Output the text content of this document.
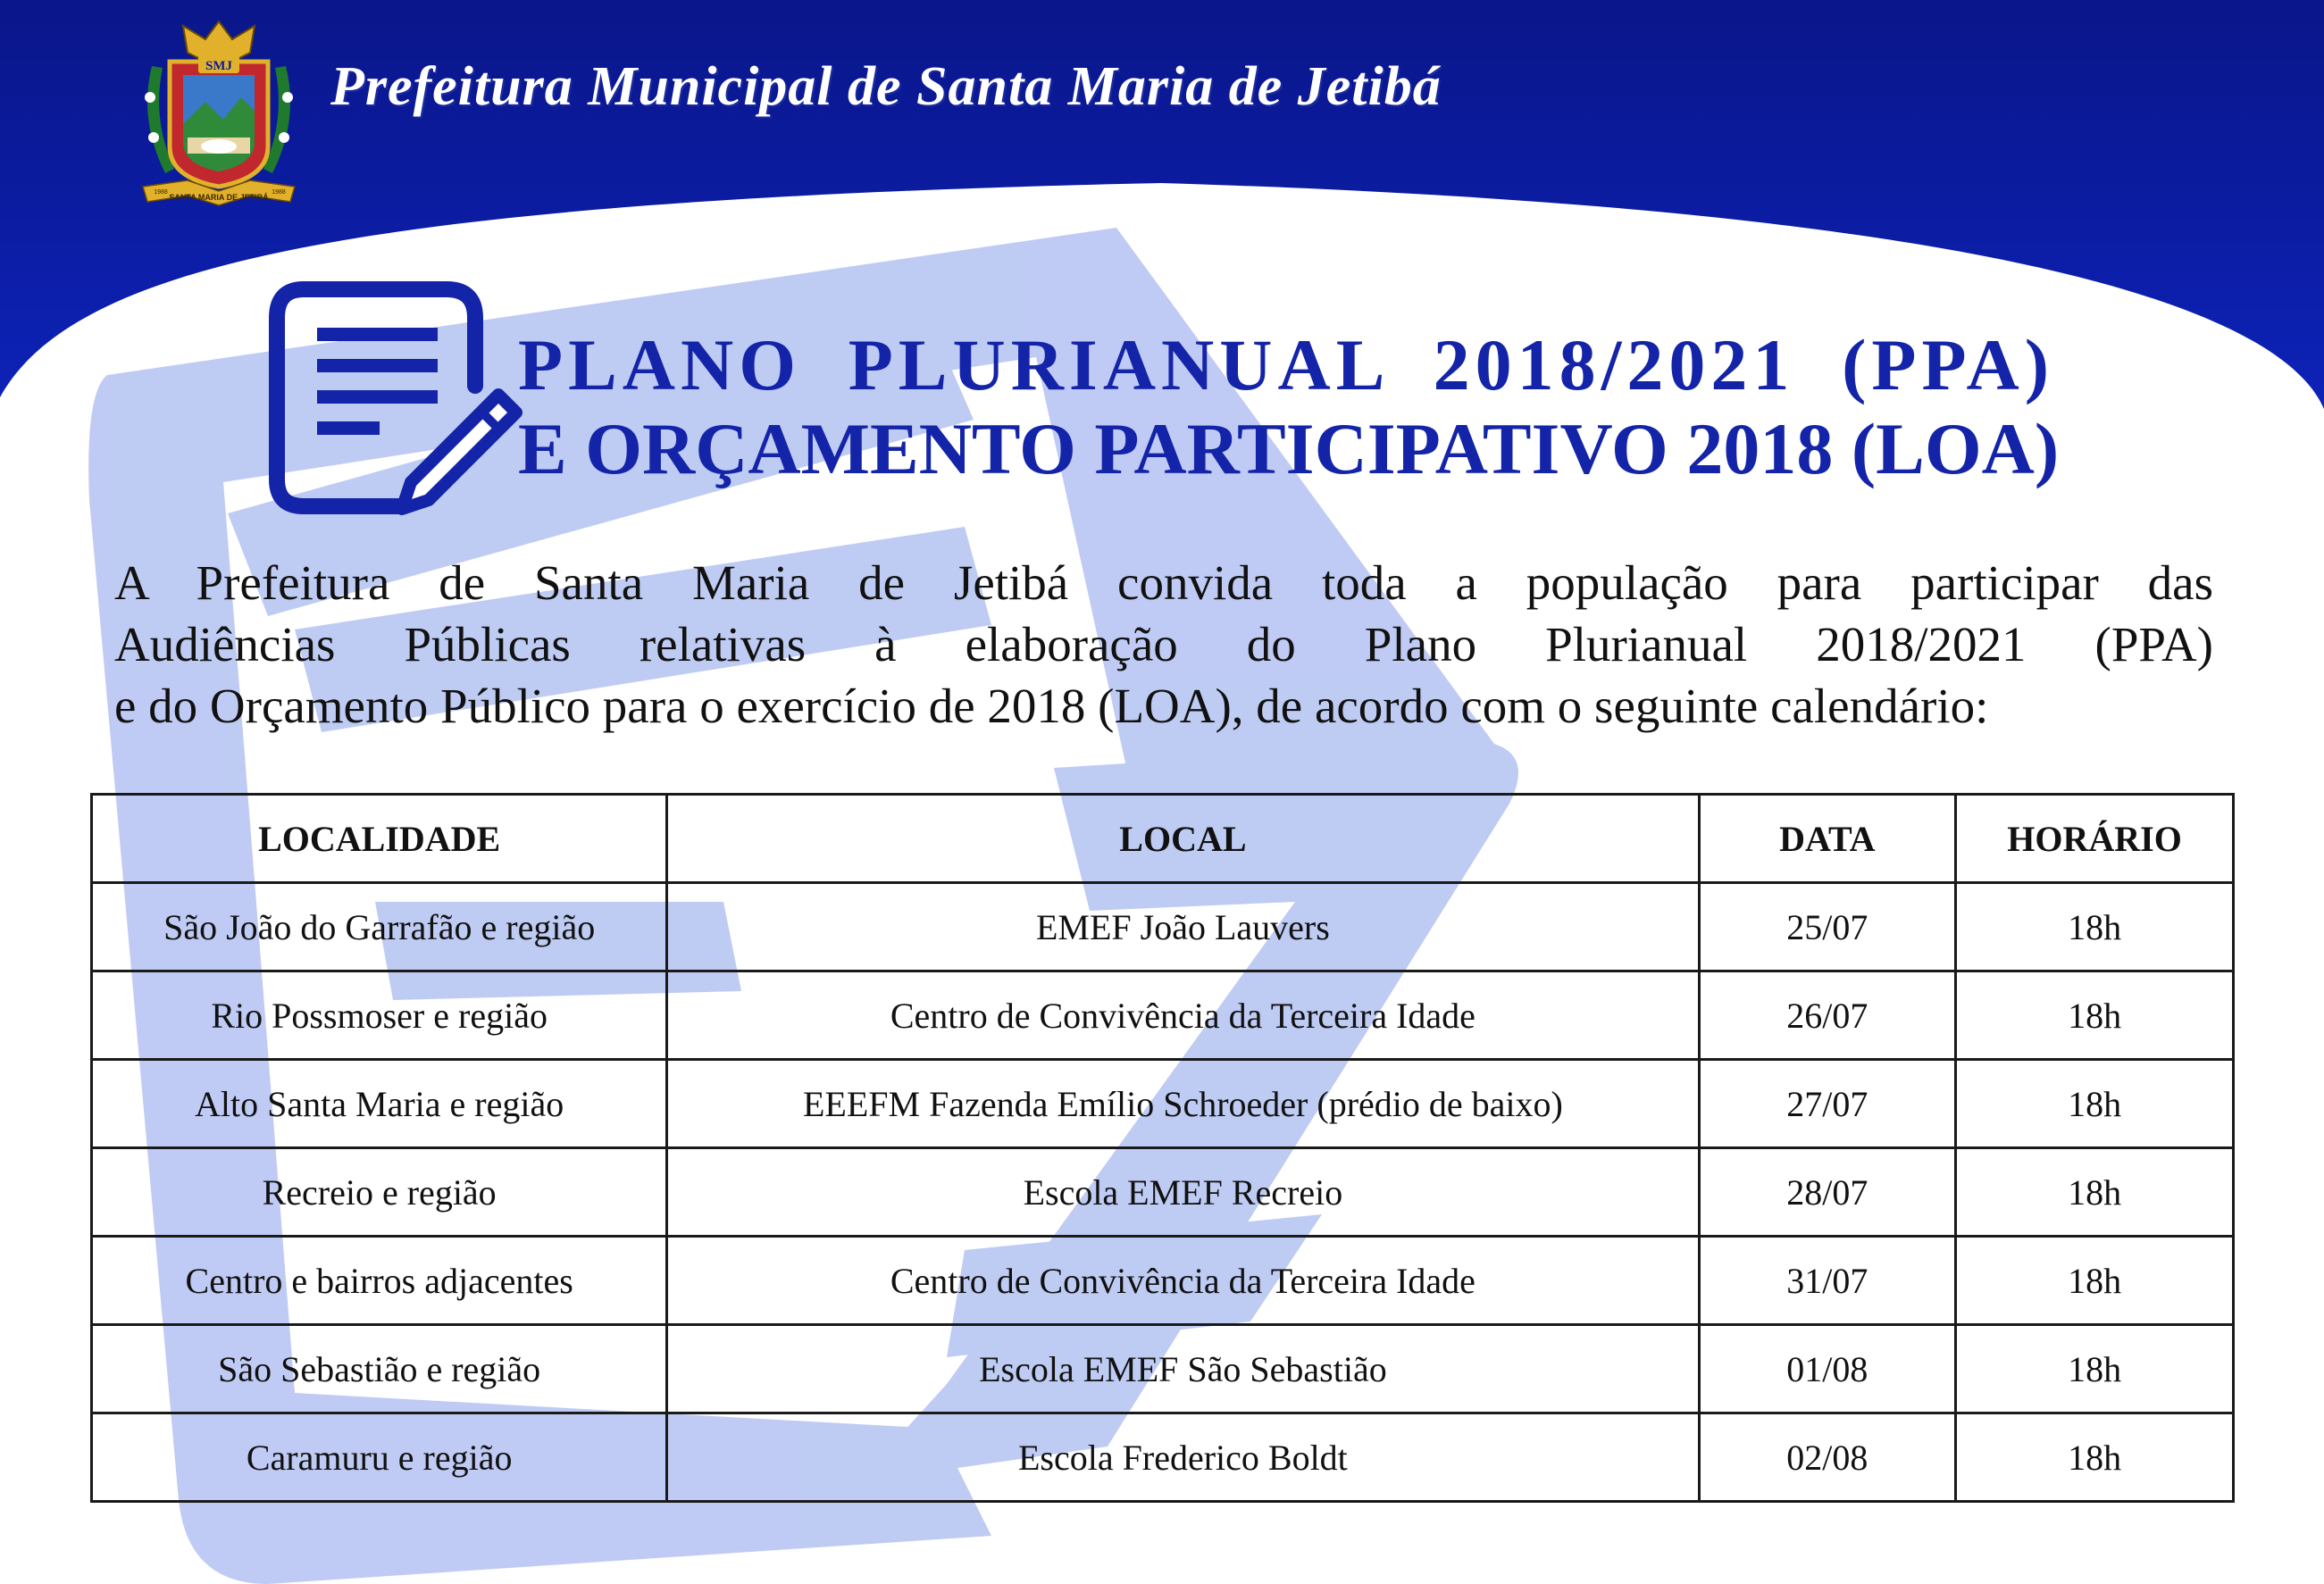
SMJ
SANTA MARIA DE JETIBÁ
1988	1988
Prefeitura Municipal de Santa Maria de Jetibá
PLANO PLURIANUAL 2018/2021 (PPA)
E ORÇAMENTO PARTICIPATIVO 2018 (LOA)
A Prefeitura de Santa Maria de Jetibá convida toda a população para participar das
Audiências Públicas relativas à elaboração do Plano Plurianual 2018/2021 (PPA)
e do Orçamento Público para o exercício de 2018 (LOA), de acordo com o seguinte calendário:
LOCALIDADE	LOCAL	DATA	HORÁRIO
São João do Garrafão e região	EMEF João Lauvers	25/07	18h
Rio Possmoser e região	Centro de Convivência da Terceira Idade	26/07	18h
Alto Santa Maria e região	EEEFM Fazenda Emílio Schroeder (prédio de baixo)	27/07	18h
Recreio e região	Escola EMEF Recreio	28/07	18h
Centro e bairros adjacentes	Centro de Convivência da Terceira Idade	31/07	18h
São Sebastião e região	Escola EMEF São Sebastião	01/08	18h
Caramuru e região	Escola Frederico Boldt	02/08	18h
